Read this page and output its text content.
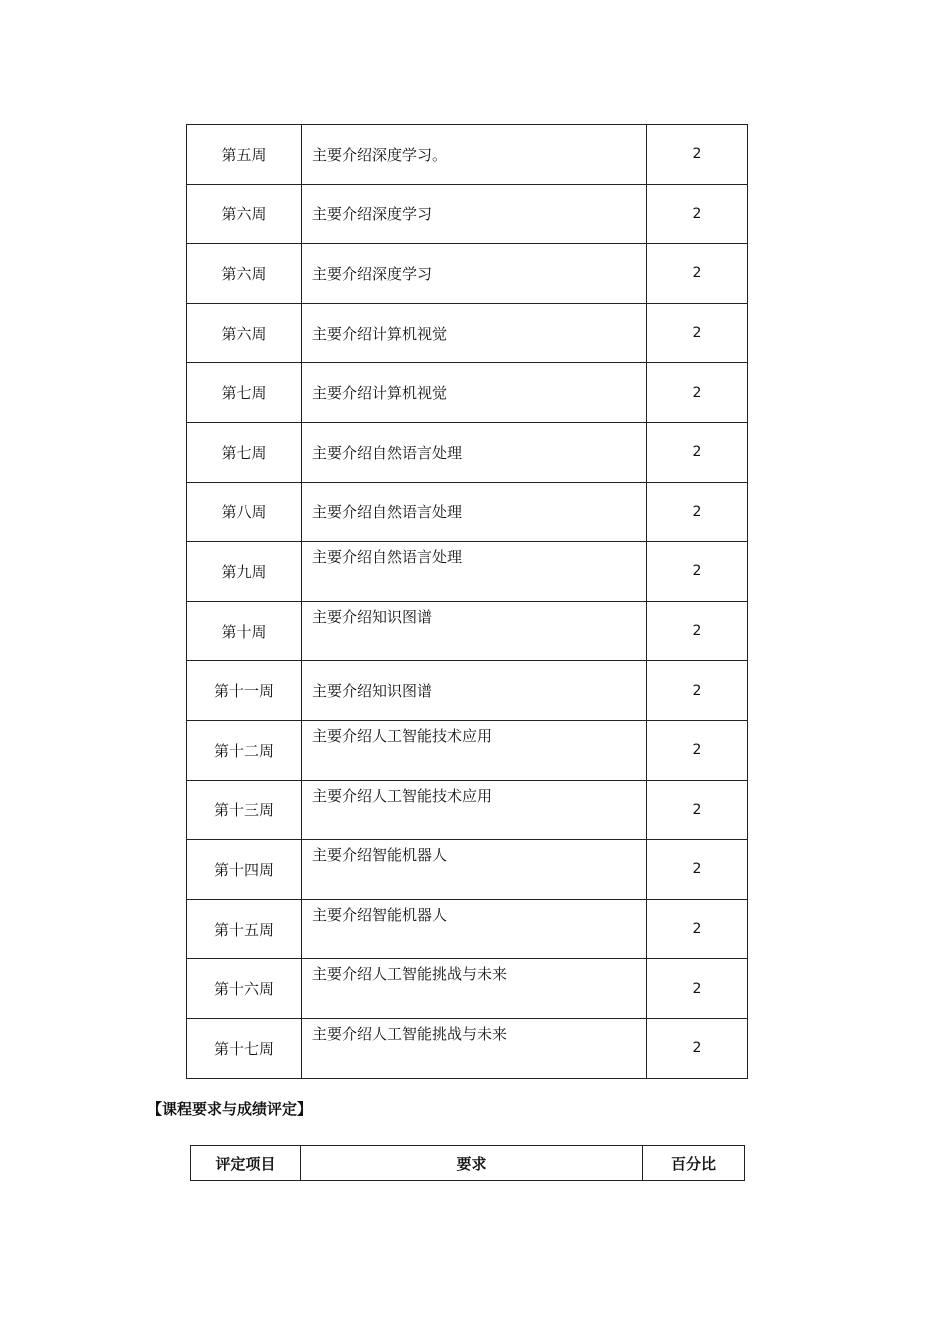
第五周	主要介绍深度学习。	2
第六周	主要介绍深度学习	2
第六周	主要介绍深度学习	2
第六周	主要介绍计算机视觉	2
第七周	主要介绍计算机视觉	2
第七周	主要介绍自然语言处理	2
第八周	主要介绍自然语言处理	2
第九周	主要介绍自然语言处理	2
第十周	主要介绍知识图谱	2
第十一周	主要介绍知识图谱	2
第十二周	主要介绍人工智能技术应用	2
第十三周	主要介绍人工智能技术应用	2
第十四周	主要介绍智能机器人	2
第十五周	主要介绍智能机器人	2
第十六周	主要介绍人工智能挑战与未来	2
第十七周	主要介绍人工智能挑战与未来	2
【课程要求与成绩评定】
评定项目	要求	百分比
